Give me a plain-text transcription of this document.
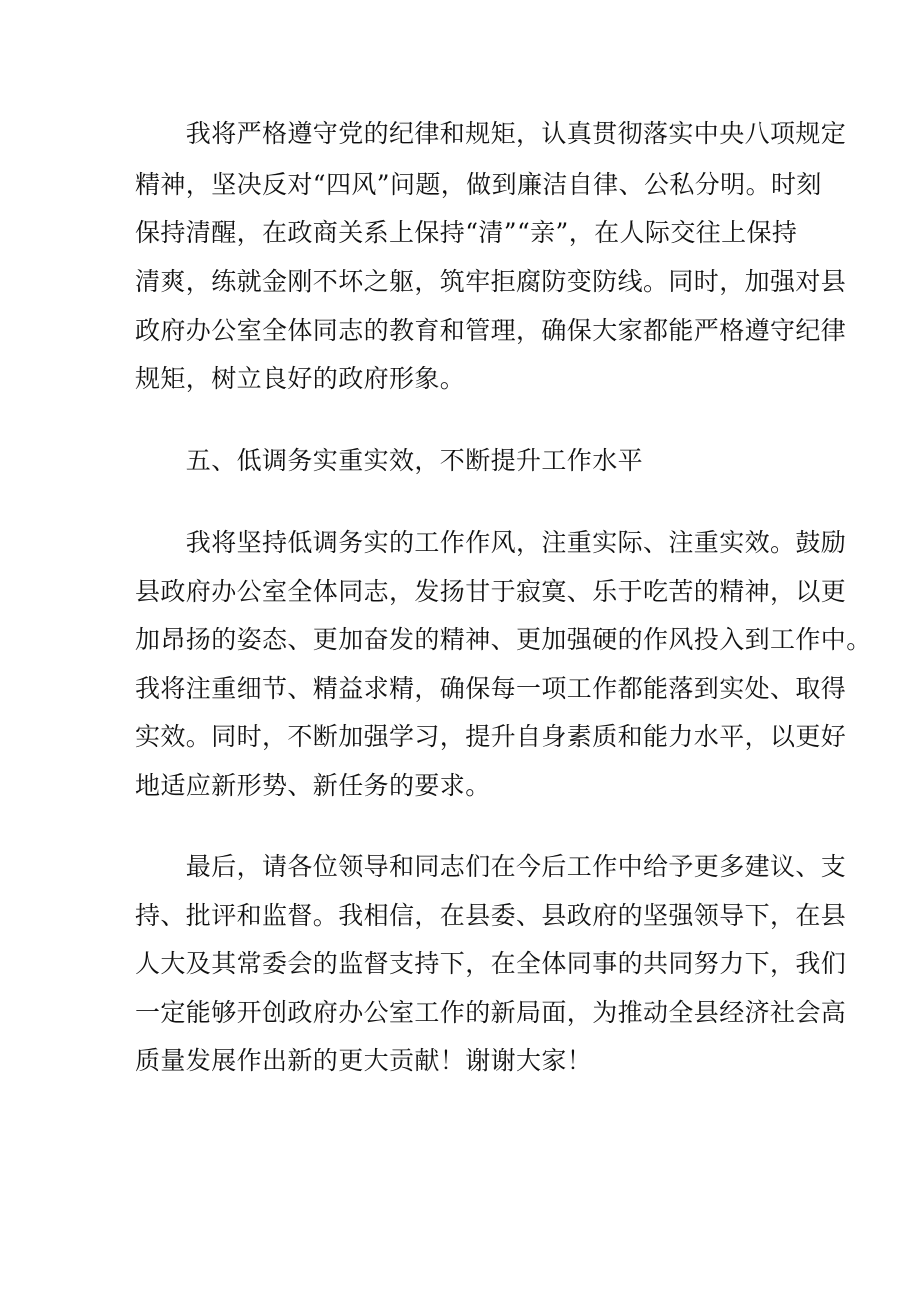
　　我将严格遵守党的纪律和规矩，认真贯彻落实中央八项规定
精神，坚决反对“四风”问题，做到廉洁自律、公私分明。时刻
保持清醒，在政商关系上保持“清”“亲”，在人际交往上保持
清爽，练就金刚不坏之躯，筑牢拒腐防变防线。同时，加强对县
政府办公室全体同志的教育和管理，确保大家都能严格遵守纪律
规矩，树立良好的政府形象。
　　五、低调务实重实效，不断提升工作水平
　　我将坚持低调务实的工作作风，注重实际、注重实效。鼓励
县政府办公室全体同志，发扬甘于寂寞、乐于吃苦的精神，以更
加昂扬的姿态、更加奋发的精神、更加强硬的作风投入到工作中。
我将注重细节、精益求精，确保每一项工作都能落到实处、取得
实效。同时，不断加强学习，提升自身素质和能力水平，以更好
地适应新形势、新任务的要求。
　　最后，请各位领导和同志们在今后工作中给予更多建议、支
持、批评和监督。我相信，在县委、县政府的坚强领导下，在县
人大及其常委会的监督支持下，在全体同事的共同努力下，我们
一定能够开创政府办公室工作的新局面，为推动全县经济社会高
质量发展作出新的更大贡献！谢谢大家！
